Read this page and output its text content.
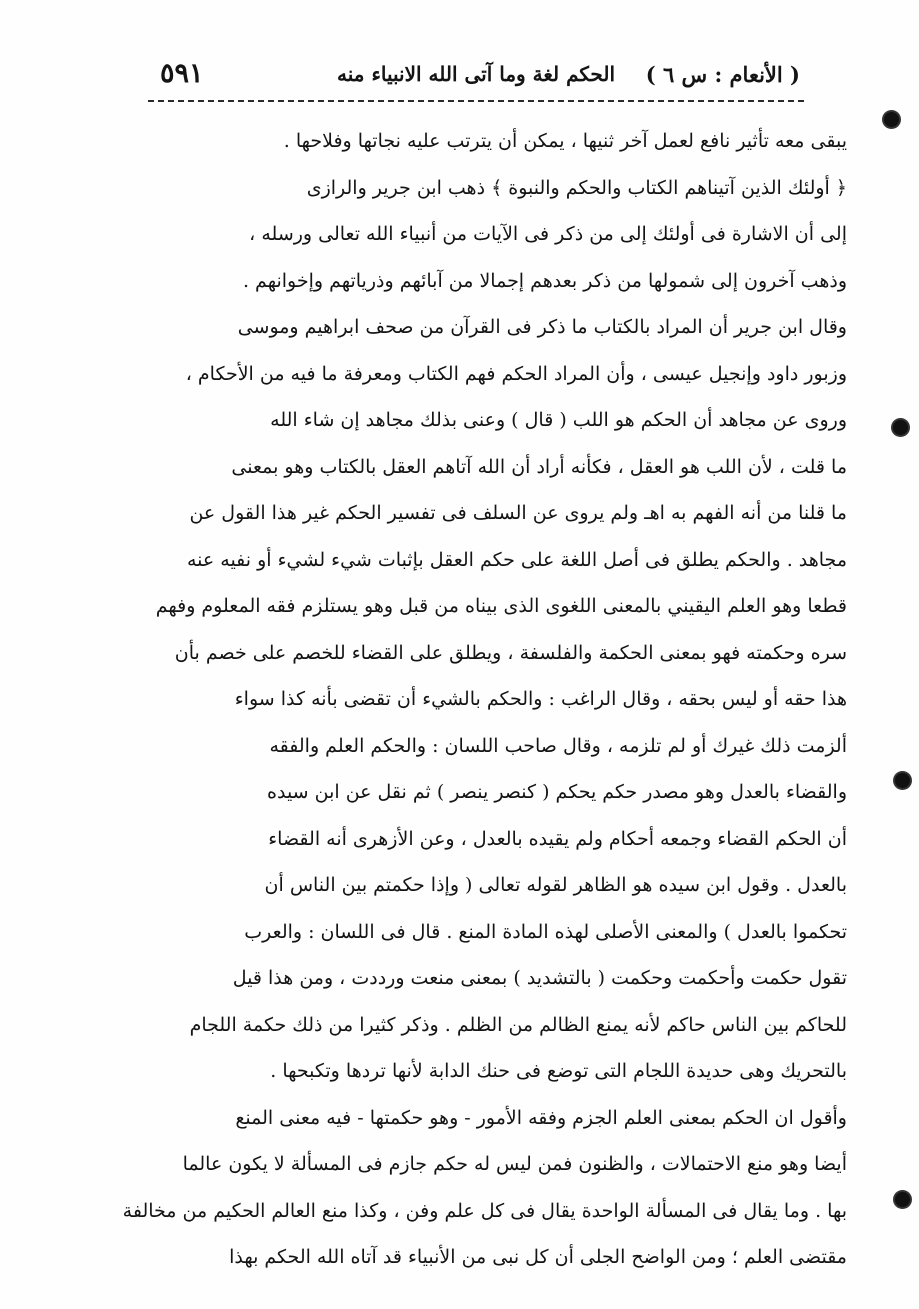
( الأنعام : س ٦ )
الحكم لغة وما آتى الله الانبياء منه
٥٩١
يبقى معه تأثير نافع لعمل آخر ثنيها ، يمكن أن يترتب عليه نجاتها وفلاحها .
﴿ أولئك الذين آتيناهم الكتاب والحكم والنبوة ﴾ ذهب ابن جرير والرازى
إلى أن الاشارة فى أولئك إلى من ذكر فى الآيات من أنبياء الله تعالى ورسله ،
وذهب آخرون إلى شمولها من ذكر بعدهم إجمالا من آبائهم وذرياتهم وإخوانهم .
وقال ابن جرير أن المراد بالكتاب ما ذكر فى القرآن من صحف ابراهيم وموسى
وزبور داود وإنجيل عيسى ، وأن المراد الحكم فهم الكتاب ومعرفة ما فيه من الأحكام ،
وروى عن مجاهد أن الحكم هو اللب ( قال ) وعنى بذلك مجاهد إن شاء الله
ما قلت ، لأن اللب هو العقل ، فكأنه أراد أن الله آتاهم العقل بالكتاب وهو بمعنى
ما قلنا من أنه الفهم به اهـ ولم يروى عن السلف فى تفسير الحكم غير هذا القول عن
مجاهد . والحكم يطلق فى أصل اللغة على حكم العقل بإثبات شيء لشيء أو نفيه عنه
قطعا وهو العلم اليقيني بالمعنى اللغوى الذى بيناه من قبل وهو يستلزم فقه المعلوم وفهم
سره وحكمته فهو بمعنى الحكمة والفلسفة ، ويطلق على القضاء للخصم على خصم بأن
هذا حقه أو ليس بحقه ، وقال الراغب : والحكم بالشيء أن تقضى بأنه كذا سواء
ألزمت ذلك غيرك أو لم تلزمه ، وقال صاحب اللسان : والحكم العلم والفقه
والقضاء بالعدل وهو مصدر حكم يحكم ( كنصر ينصر ) ثم نقل عن ابن سيده
أن الحكم القضاء وجمعه أحكام ولم يقيده بالعدل ، وعن الأزهرى أنه القضاء
بالعدل . وقول ابن سيده هو الظاهر لقوله تعالى ( وإذا حكمتم بين الناس أن
تحكموا بالعدل ) والمعنى الأصلى لهذه المادة المنع . قال فى اللسان : والعرب
تقول حكمت وأحكمت وحكمت ( بالتشديد ) بمعنى منعت ورددت ، ومن هذا قيل
للحاكم بين الناس حاكم لأنه يمنع الظالم من الظلم . وذكر كثيرا من ذلك حكمة اللجام
بالتحريك وهى حديدة اللجام التى توضع فى حنك الدابة لأنها تردها وتكبحها .
وأقول ان الحكم بمعنى العلم الجزم وفقه الأمور - وهو حكمتها - فيه معنى المنع
أيضا وهو منع الاحتمالات ، والظنون فمن ليس له حكم جازم فى المسألة لا يكون عالما
بها . وما يقال فى المسألة الواحدة يقال فى كل علم وفن ، وكذا منع العالم الحكيم من مخالفة
مقتضى العلم ؛ ومن الواضح الجلى أن كل نبى من الأنبياء قد آتاه الله الحكم بهذا
